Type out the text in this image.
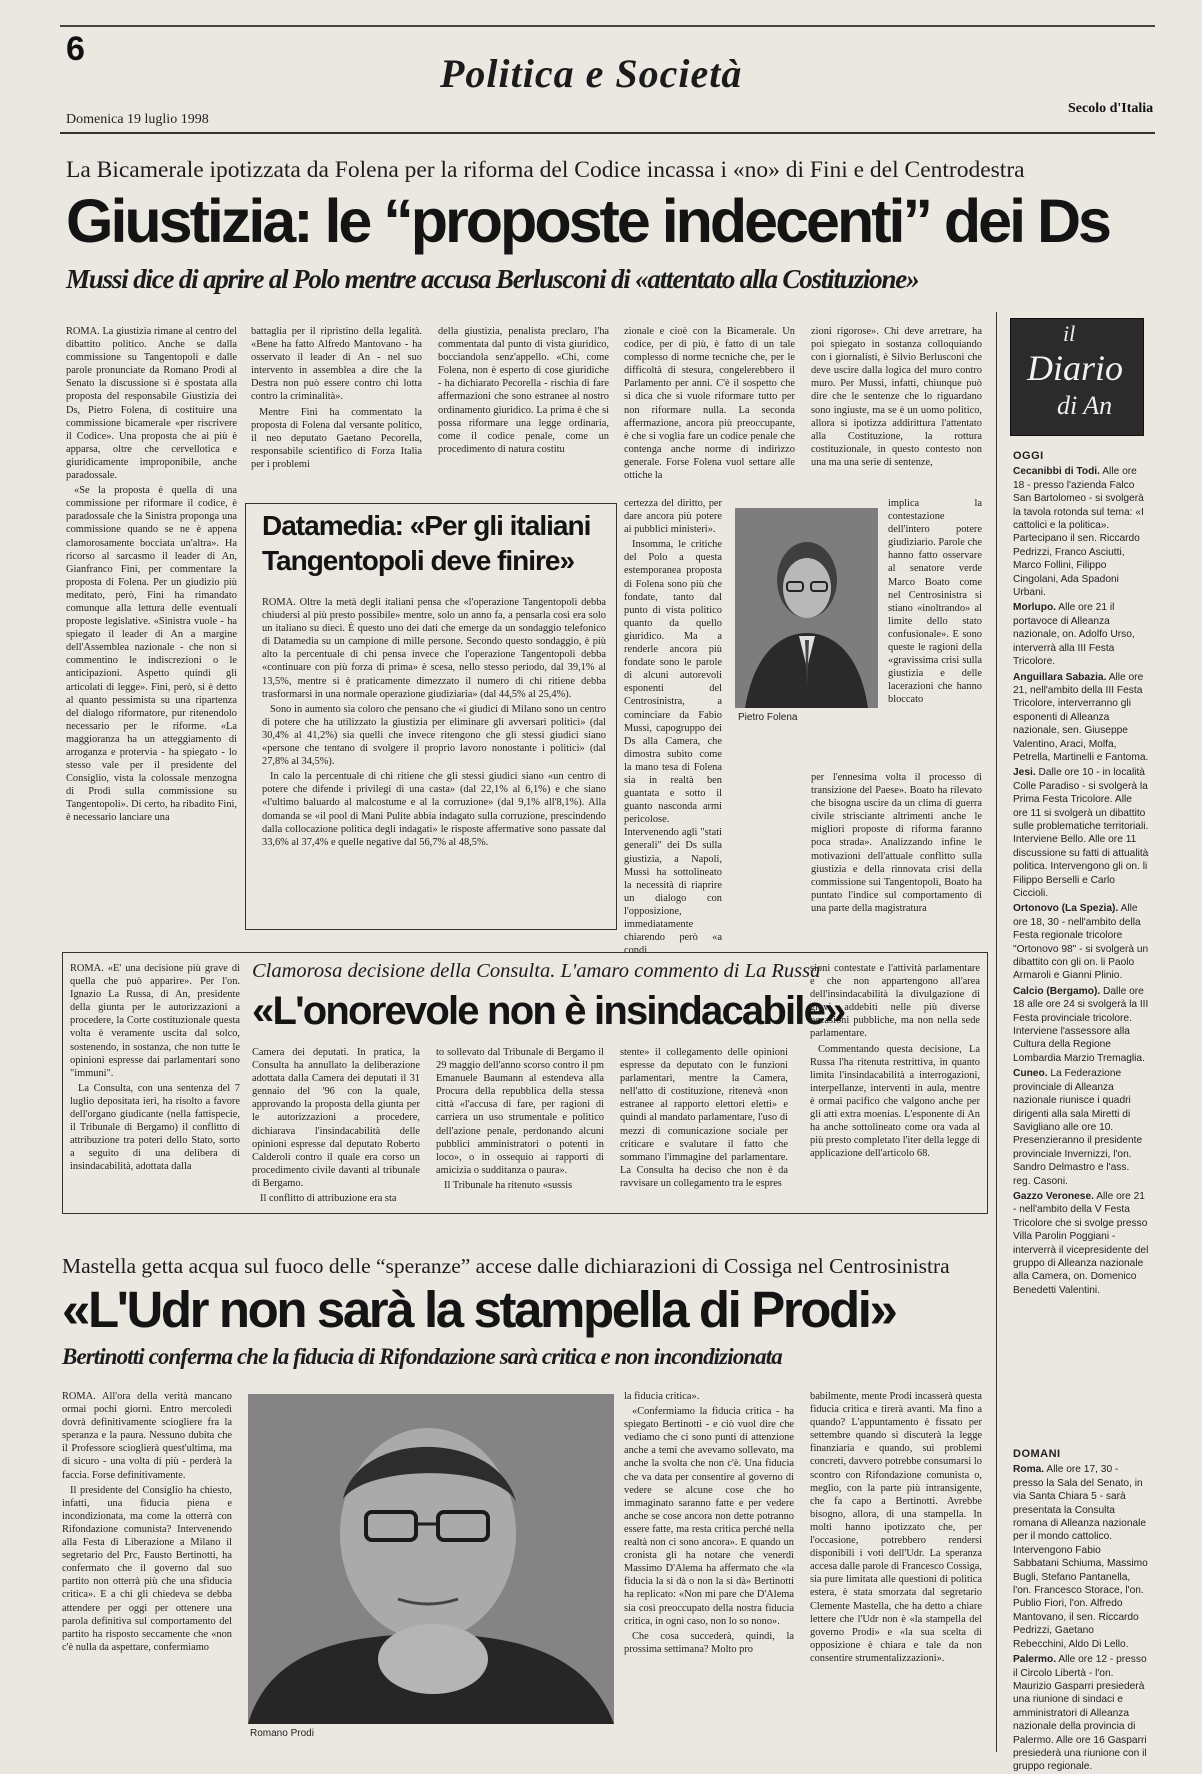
6
Politica e Società
Domenica 19 luglio 1998
Secolo d'Italia
La Bicamerale ipotizzata da Folena per la riforma del Codice incassa i «no» di Fini e del Centrodestra
Giustizia: le “proposte indecenti” dei Ds
Mussi dice di aprire al Polo mentre accusa Berlusconi di «attentato alla Costituzione»

ROMA. La giustizia rimane al centro del dibattito politico. Anche se dalla commissione su Tangentopoli e dalle parole pronunciate da Romano Prodi al Senato la discussione si è spostata alla proposta del responsabile Giustizia dei Ds, Pietro Folena, di costituire una commissione bicamerale «per riscrivere il Codice». Una proposta che ai più è apparsa, oltre che cervellotica e giuridicamente improponibile, anche paradossale.

«Se la proposta è quella di una commissione per riformare il codice, è paradossale che la Sinistra proponga una commissione quando se ne è appena clamorosamente bocciata un'altra». Ha ricorso al sarcasmo il leader di An, Gianfranco Fini, per commentare la proposta di Folena. Per un giudizio più meditato, però, Fini ha rimandato comunque alla lettura delle eventuali proposte legislative. «Sinistra vuole - ha spiegato il leader di An a margine dell'Assemblea nazionale - che non si commentino le indiscrezioni o le anticipazioni. Aspetto quindi gli articolati di legge». Fini, però, si è detto al quanto pessimista su una ripartenza del dialogo riformatore, pur ritenendolo necessario per le riforme. «La maggioranza ha un atteggiamento di arroganza e protervia - ha spiegato - lo stesso vale per il presidente del Consiglio, vista la colossale menzogna di Prodi sulla commissione su Tangentopoli». Di certo, ha ribadito Fini, è necessario lanciare una

battaglia per il ripristino della legalità. «Bene ha fatto Alfredo Mantovano - ha osservato il leader di An - nel suo intervento in assemblea a dire che la Destra non può essere contro chi lotta contro la criminalità».

Mentre Fini ha commentato la proposta di Folena dal versante politico, il neo deputato Gaetano Pecorella, responsabile scientifico di Forza Italia per i problemi

della giustizia, penalista preclaro, l'ha commentata dal punto di vista giuridico, bocciandola senz'appello. «Chi, come Folena, non è esperto di cose giuridiche - ha dichiarato Pecorella - rischia di fare affermazioni che sono estranee al nostro ordinamento giuridico. La prima è che si possa riformare una legge ordinaria, come il codice penale, come un procedimento di natura costitu

zionale e cioè con la Bicamerale. Un codice, per di più, è fatto di un tale complesso di norme tecniche che, per le difficoltà di stesura, congelerebbero il Parlamento per anni. C'è il sospetto che si dica che si vuole riformare tutto per non riformare nulla. La seconda affermazione, ancora più preoccupante, è che si voglia fare un codice penale che contenga anche norme di indirizzo generale. Forse Folena vuol settare alle ottiche la

certezza del diritto, per dare ancora più potere ai pubblici ministeri».

Insomma, le critiche del Polo a questa estemporanea proposta di Folena sono più che fondate, tanto dal punto di vista politico quanto da quello giuridico. Ma a renderle ancora più fondate sono le parole di alcuni autorevoli esponenti del Centrosinistra, a cominciare da Fabio Mussi, capogruppo dei Ds alla Camera, che dimostra subito come la mano tesa di Folena sia in realtà ben guantata e sotto il guanto nasconda armi pericolose. Intervenendo agli "stati generali" dei Ds sulla giustizia, a Napoli, Mussi ha sottolineato la necessità di riaprire un dialogo con l'opposizione, immediatamente chiarendo però «a condi

zioni rigorose». Chi deve arretrare, ha poi spiegato in sostanza colloquiando con i giornalisti, è Silvio Berlusconi che deve uscire dalla logica del muro contro muro. Per Mussi, infatti, chiunque può dire che le sentenze che lo riguardano sono ingiuste, ma se è un uomo politico, allora si ipotizza addirittura l'attentato alla Costituzione, la rottura costituzionale, in questo contesto non una ma una serie di sentenze,

implica la contestazione dell'intero potere giudiziario. Parole che hanno fatto osservare al senatore verde Marco Boato come nel Centrosinistra si stiano «inoltrando» al limite dello stato confusionale». E sono queste le ragioni della «gravissima crisi sulla giustizia e delle lacerazioni che hanno bloccato

per l'ennesima volta il processo di transizione del Paese». Boato ha rilevato che bisogna uscire da un clima di guerra civile strisciante altrimenti anche le migliori proposte di riforma faranno poca strada». Analizzando infine le motivazioni dell'attuale conflitto sulla giustizia e della rinnovata crisi della commissione sui Tangentopoli, Boato ha puntato l'indice sul comportamento di una parte della magistratura

Pietro Folena
Datamedia: «Per gli italiani
Tangentopoli deve finire»

ROMA. Oltre la metà degli italiani pensa che «l'operazione Tangentopoli debba chiudersi al più presto possibile» mentre, solo un anno fa, a pensarla così era solo un italiano su dieci. È questo uno dei dati che emerge da un sondaggio telefonico di Datamedia su un campione di mille persone. Secondo questo sondaggio, è più alto la percentuale di chi pensa invece che l'operazione Tangentopoli debba «continuare con più forza di prima» è scesa, nello stesso periodo, dal 39,1% al 13,5%, mentre si è praticamente dimezzato il numero di chi ritiene debba trasformarsi in una normale operazione giudiziaria» (dal 44,5% al 25,4%).

Sono in aumento sia coloro che pensano che «i giudici di Milano sono un centro di potere che ha utilizzato la giustizia per eliminare gli avversari politici» (dal 30,4% al 41,2%) sia quelli che invece ritengono che gli stessi giudici siano «persone che tentano di svolgere il proprio lavoro nonostante i politici» (dal 27,8% al 34,5%).

In calo la percentuale di chi ritiene che gli stessi giudici siano «un centro di potere che difende i privilegi di una casta» (dal 22,1% al 6,1%) e che siano «l'ultimo baluardo al malcostume e al la corruzione» (dal 9,1% all'8,1%). Alla domanda se «il pool di Mani Pulite abbia indagato sulla corruzione, prescindendo dalla collocazione politica degli indagati» le risposte affermative sono passate dal 33,6% al 37,4% e quelle negative dal 56,7% al 48,5%.

ROMA. «E' una decisione più grave di quella che può apparire». Per l'on. Ignazio La Russa, di An, presidente della giunta per le autorizzazioni a procedere, la Corte costituzionale questa volta è veramente uscita dal solco, sostenendo, in sostanza, che non tutte le opinioni espresse dai parlamentari sono "immuni".

La Consulta, con una sentenza del 7 luglio depositata ieri, ha risolto a favore dell'organo giudicante (nella fattispecie, il Tribunale di Bergamo) il conflitto di attribuzione tra poteri dello Stato, sorto a seguito di una delibera di insindacabilità, adottata dalla

Clamorosa decisione della Consulta. L'amaro commento di La Russa
«L'onorevole non è insindacabile»

Camera dei deputati. In pratica, la Consulta ha annullato la deliberazione adottata dalla Camera dei deputati il 31 gennaio del '96 con la quale, approvando la proposta della giunta per le autorizzazioni a procedere, dichiarava l'insindacabilità delle opinioni espresse dal deputato Roberto Calderoli contro il quale era corso un procedimento civile davanti al tribunale di Bergamo.

Il conflitto di attribuzione era sta

to sollevato dal Tribunale di Bergamo il 29 maggio dell'anno scorso contro il pm Emanuele Baumann al estendeva alla Procura della repubblica della stessa città «l'accusa di fare, per ragioni di carriera un uso strumentale e politico dell'azione penale, perdonando alcuni pubblici amministratori o potenti in loco», o in ossequio ai rapporti di amicizia o sudditanza o paura».

Il Tribunale ha ritenuto «sussis

stente» il collegamento delle opinioni espresse da deputato con le funzioni parlamentari, mentre la Camera, nell'atto di costituzione, ritenevà «non estranee al rapporto elettori eletti» e quindi al mandato parlamentare, l'uso di mezzi di comunicazione sociale per criticare e svalutare il fatto che sommano l'immagine del parlamentare. La Consulta ha deciso che non è da ravvisare un collegamento tra le espres

sioni contestate e l'attività parlamentare e che non appartengono all'area dell'insindacabilità la divulgazione di gravi addebiti nelle più diverse occasioni pubbliche, ma non nella sede parlamentare.

Commentando questa decisione, La Russa l'ha ritenuta restrittiva, in quanto limita l'insindacabilità a interrogazioni, interpellanze, interventi in aula, mentre è ormai pacifico che valgono anche per gli atti extra moenias. L'esponente di An ha anche sottolineato come ora vada al più presto completato l'iter della legge di applicazione dell'articolo 68.

Mastella getta acqua sul fuoco delle “speranze” accese dalle dichiarazioni di Cossiga nel Centrosinistra
«L'Udr non sarà la stampella di Prodi»
Bertinotti conferma che la fiducia di Rifondazione sarà critica e non incondizionata

ROMA. All'ora della verità mancano ormai pochi giorni. Entro mercoledì dovrà definitivamente sciogliere fra la speranza e la paura. Nessuno dubita che il Professore scioglierà quest'ultima, ma di sicuro - una volta di più - perderà la faccia. Forse definitivamente.

Il presidente del Consiglio ha chiesto, infatti, una fiducia piena e incondizionata, ma come la otterrà con Rifondazione comunista? Intervenendo alla Festa di Liberazione a Milano il segretario del Prc, Fausto Bertinotti, ha confermato che il governo dal suo partito non otterrà più che una sfiducia critica». E a chi gli chiedeva se debba attendere per oggi per ottenere una parola definitiva sul comportamento del partito ha risposto seccamente che «non c'è nulla da aspettare, confermiamo

Romano Prodi

la fiducia critica».

«Confermiamo la fiducia critica - ha spiegato Bertinotti - e ciò vuol dire che vediamo che ci sono punti di attenzione anche a temi che avevamo sollevato, ma anche la svolta che non c'è. Una fiducia che va data per consentire al governo di vedere se alcune cose che ho immaginato saranno fatte e per vedere anche se cose ancora non dette potranno essere fatte, ma resta critica perché nella realtà non ci sono ancora». E quando un cronista gli ha notare che venerdì Massimo D'Alema ha affermato che «la fiducia la si dà o non la si dà» Bertinotti ha replicato: «Non mi pare che D'Alema sia così preoccupato della nostra fiducia critica, in ogni caso, non lo so nono».

Che cosa succederà, quindi, la prossima settimana? Molto pro

babilmente, mente Prodi incasserà questa fiducia critica e tirerà avanti. Ma fino a quando? L'appuntamento è fissato per settembre quando si discuterà la legge finanziaria e quando, sui problemi concreti, davvero potrebbe consumarsi lo scontro con Rifondazione comunista o, meglio, con la parte più intransigente, che fa capo a Bertinotti. Avrebbe bisogno, allora, di una stampella. In molti hanno ipotizzato che, per l'occasione, potrebbero rendersi disponibili i voti dell'Udr. La speranza accesa dalle parole di Francesco Cossiga, sia pure limitata alle questioni di politica estera, è stata smorzata dal segretario Clemente Mastella, che ha detto a chiare lettere che l'Udr non è «la stampella del governo Prodi» e «la sua scelta di opposizione è chiara e tale da non consentire strumentalizzazioni».

il
Diario
di An
OGGI

Cecanibbi di Todi. Alle ore 18 - presso l'azienda Falco San Bartolomeo - si svolgerà la tavola rotonda sul tema: «I cattolici e la politica». Partecipano il sen. Riccardo Pedrizzi, Franco Asciutti, Marco Follini, Filippo Cingolani, Ada Spadoni Urbani.

Morlupo. Alle ore 21 il portavoce di Alleanza nazionale, on. Adolfo Urso, interverrà alla III Festa Tricolore.

Anguillara Sabazia. Alle ore 21, nell'ambito della III Festa Tricolore, interverranno gli esponenti di Alleanza nazionale, sen. Giuseppe Valentino, Araci, Molfa, Petrella, Martinelli e Fantoma.

Jesi. Dalle ore 10 - in località Colle Paradiso - si svolgerà la Prima Festa Tricolore. Alle ore 11 si svolgerà un dibattito sulle problematiche territoriali. Interviene Bello. Alle ore 11 discussione su fatti di attualità politica. Intervengono gli on. li Filippo Berselli e Carlo Ciccioli.

Ortonovo (La Spezia). Alle ore 18, 30 - nell'ambito della Festa regionale tricolore "Ortonovo 98" - si svolgerà un dibattito con gli on. li Paolo Armaroli e Gianni Plinio.

Calcio (Bergamo). Dalle ore 18 alle ore 24 si svolgerà la III Festa provinciale tricolore. Interviene l'assessore alla Cultura della Regione Lombardia Marzio Tremaglia.

Cuneo. La Federazione provinciale di Alleanza nazionale riunisce i quadri dirigenti alla sala Miretti di Savigliano alle ore 10. Presenzieranno il presidente provinciale Invernizzi, l'on. Sandro Delmastro e l'ass. reg. Casoni.

Gazzo Veronese. Alle ore 21 - nell'ambito della V Festa Tricolore che si svolge presso Villa Parolin Poggiani - interverrà il vicepresidente del gruppo di Alleanza nazionale alla Camera, on. Domenico Benedetti Valentini.

DOMANI

Roma. Alle ore 17, 30 - presso la Sala del Senato, in via Santa Chiara 5 - sarà presentata la Consulta romana di Alleanza nazionale per il mondo cattolico. Intervengono Fabio Sabbatani Schiuma, Massimo Bugli, Stefano Pantanella, l'on. Francesco Storace, l'on. Publio Fiori, l'on. Alfredo Mantovano, il sen. Riccardo Pedrizzi, Gaetano Rebecchini, Aldo Di Lello.

Palermo. Alle ore 12 - presso il Circolo Libertà - l'on. Maurizio Gasparri presiederà una riunione di sindaci e amministratori di Alleanza nazionale della provincia di Palermo. Alle ore 16 Gasparri presiederà una riunione con il gruppo regionale.
